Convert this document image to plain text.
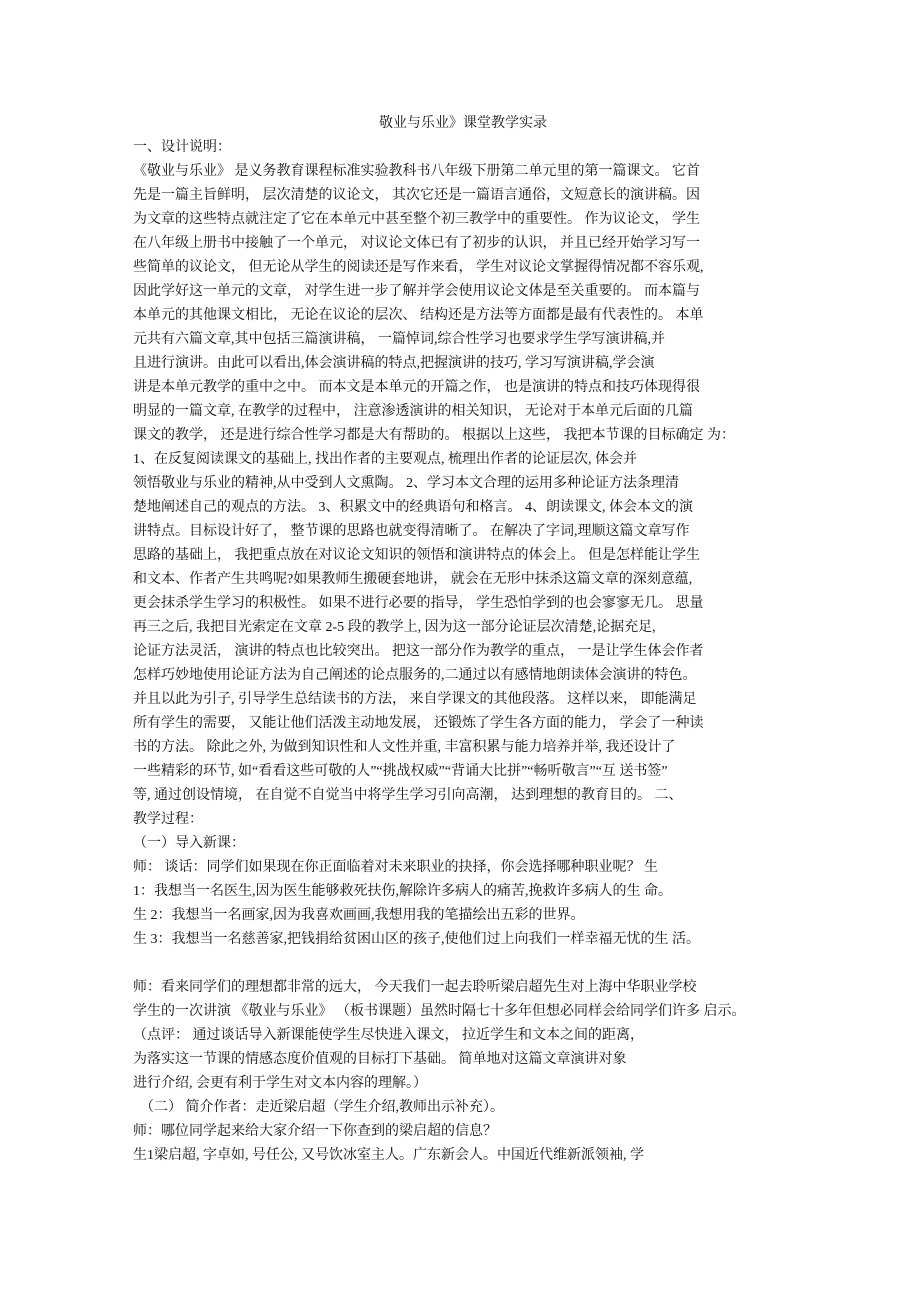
敬业与乐业》课堂教学实录
一、设计说明：
《敬业与乐业》 是义务教育课程标准实验教科书八年级下册第二单元里的第一篇课文。 它首
先是一篇主旨鲜明， 层次清楚的议论文， 其次它还是一篇语言通俗，文短意长的演讲稿。因
为文章的这些特点就注定了它在本单元中甚至整个初三教学中的重要性。 作为议论文， 学生
在八年级上册书中接触了一个单元， 对议论文体已有了初步的认识， 并且已经开始学习写一
些简单的议论文， 但无论从学生的阅读还是写作来看， 学生对议论文掌握得情况都不容乐观,
因此学好这一单元的文章， 对学生进一步了解并学会使用议论文体是至关重要的。 而本篇与
本单元的其他课文相比， 无论在议论的层次、 结构还是方法等方面都是最有代表性的。 本单
元共有六篇文章,其中包括三篇演讲稿， 一篇悼词,综合性学习也要求学生学写演讲稿,并
且进行演讲。由此可以看出,体会演讲稿的特点,把握演讲的技巧, 学习写演讲稿,学会演
讲是本单元教学的重中之中。 而本文是本单元的开篇之作， 也是演讲的特点和技巧体现得很
明显的一篇文章, 在教学的过程中， 注意渗透演讲的相关知识， 无论对于本单元后面的几篇
课文的教学， 还是进行综合性学习都是大有帮助的。 根据以上这些， 我把本节课的目标确定 为：
1、在反复阅读课文的基础上, 找出作者的主要观点, 梳理出作者的论证层次, 体会并
领悟敬业与乐业的精神,从中受到人文熏陶。 2、学习本文合理的运用多种论证方法条理清
楚地阐述自己的观点的方法。 3、积累文中的经典语句和格言。 4、朗读课文, 体会本文的演
讲特点。目标设计好了， 整节课的思路也就变得清晰了。 在解决了字词,理顺这篇文章写作
思路的基础上， 我把重点放在对议论文知识的领悟和演讲特点的体会上。 但是怎样能让学生
和文本、作者产生共鸣呢?如果教师生搬硬套地讲， 就会在无形中抹杀这篇文章的深刻意蕴,
更会抹杀学生学习的积极性。 如果不进行必要的指导， 学生恐怕学到的也会寥寥无几。 思量
再三之后, 我把目光索定在文章 2-5 段的教学上, 因为这一部分论证层次清楚,论据充足,
论证方法灵活， 演讲的特点也比较突出。 把这一部分作为教学的重点， 一是让学生体会作者
怎样巧妙地使用论证方法为自己阐述的论点服务的,二通过以有感情地朗读体会演讲的特色。
并且以此为引子, 引导学生总结读书的方法， 来自学课文的其他段落。 这样以来， 即能满足
所有学生的需要， 又能让他们活泼主动地发展， 还锻炼了学生各方面的能力， 学会了一种读
书的方法。 除此之外, 为做到知识性和人文性并重, 丰富积累与能力培养并举, 我还设计了
一些精彩的环节, 如“看看这些可敬的人”“挑战权威”“背诵大比拼”“畅听敬言”“互 送书签”
等, 通过创设情境， 在自觉不自觉当中将学生学习引向高潮， 达到理想的教育目的。 二、
教学过程：
（一）导入新课：
师： 谈话：同学们如果现在你正面临着对未来职业的抉择，你会选择哪种职业呢？ 生
1：我想当一名医生,因为医生能够救死扶伤,解除许多病人的痛苦,挽救许多病人的生 命。
生 2：我想当一名画家,因为我喜欢画画,我想用我的笔描绘出五彩的世界。
生 3：我想当一名慈善家,把钱捐给贫困山区的孩子,使他们过上向我们一样幸福无忧的生 活。
师：看来同学们的理想都非常的远大， 今天我们一起去聆听梁启超先生对上海中华职业学校
学生的一次讲演 《敬业与乐业》 （板书课题）虽然时隔七十多年但想必同样会给同学们许多 启示。
（点评： 通过谈话导入新课能使学生尽快进入课文， 拉近学生和文本之间的距离，
为落实这一节课的情感态度价值观的目标打下基础。 简单地对这篇文章演讲对象
进行介绍, 会更有利于学生对文本内容的理解。）
　（二） 简介作者：走近梁启超（学生介绍,教师出示补充）。
师：哪位同学起来给大家介绍一下你查到的梁启超的信息？
生1梁启超, 字卓如, 号任公, 又号饮冰室主人。广东新会人。中国近代维新派领袖, 学
